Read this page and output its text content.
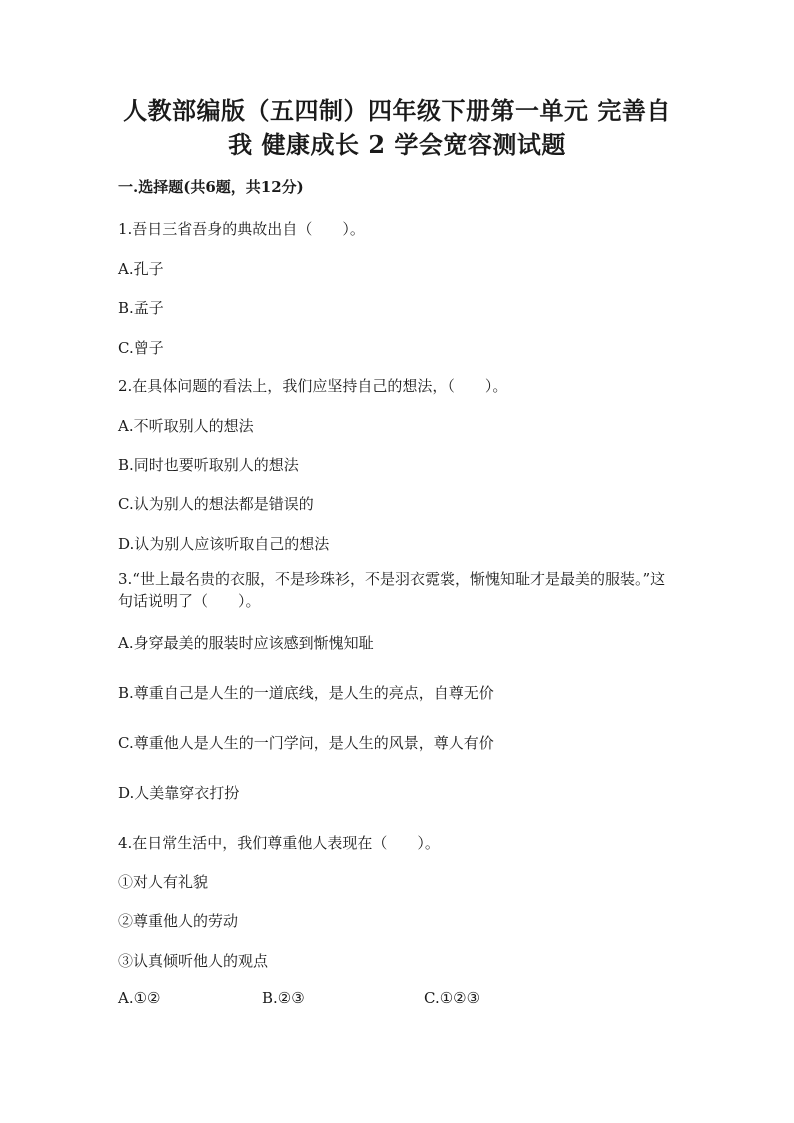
人教部编版（五四制）四年级下册第一单元 完善自
我 健康成长 2 学会宽容测试题
一.选择题(共6题，共12分)
1.吾日三省吾身的典故出自（　　）。
A.孔子
B.孟子
C.曾子
2.在具体问题的看法上，我们应坚持自己的想法，（　　）。
A.不听取别人的想法
B.同时也要听取别人的想法
C.认为别人的想法都是错误的
D.认为别人应该听取自己的想法
3.“世上最名贵的衣服，不是珍珠衫，不是羽衣霓裳，惭愧知耻才是最美的服装。”这句话说明了（　　）。
A.身穿最美的服装时应该感到惭愧知耻
B.尊重自己是人生的一道底线，是人生的亮点，自尊无价
C.尊重他人是人生的一门学问，是人生的风景，尊人有价
D.人美靠穿衣打扮
4.在日常生活中，我们尊重他人表现在（　　）。
①对人有礼貌
②尊重他人的劳动
③认真倾听他人的观点
A.①②	B.②③	C.①②③
